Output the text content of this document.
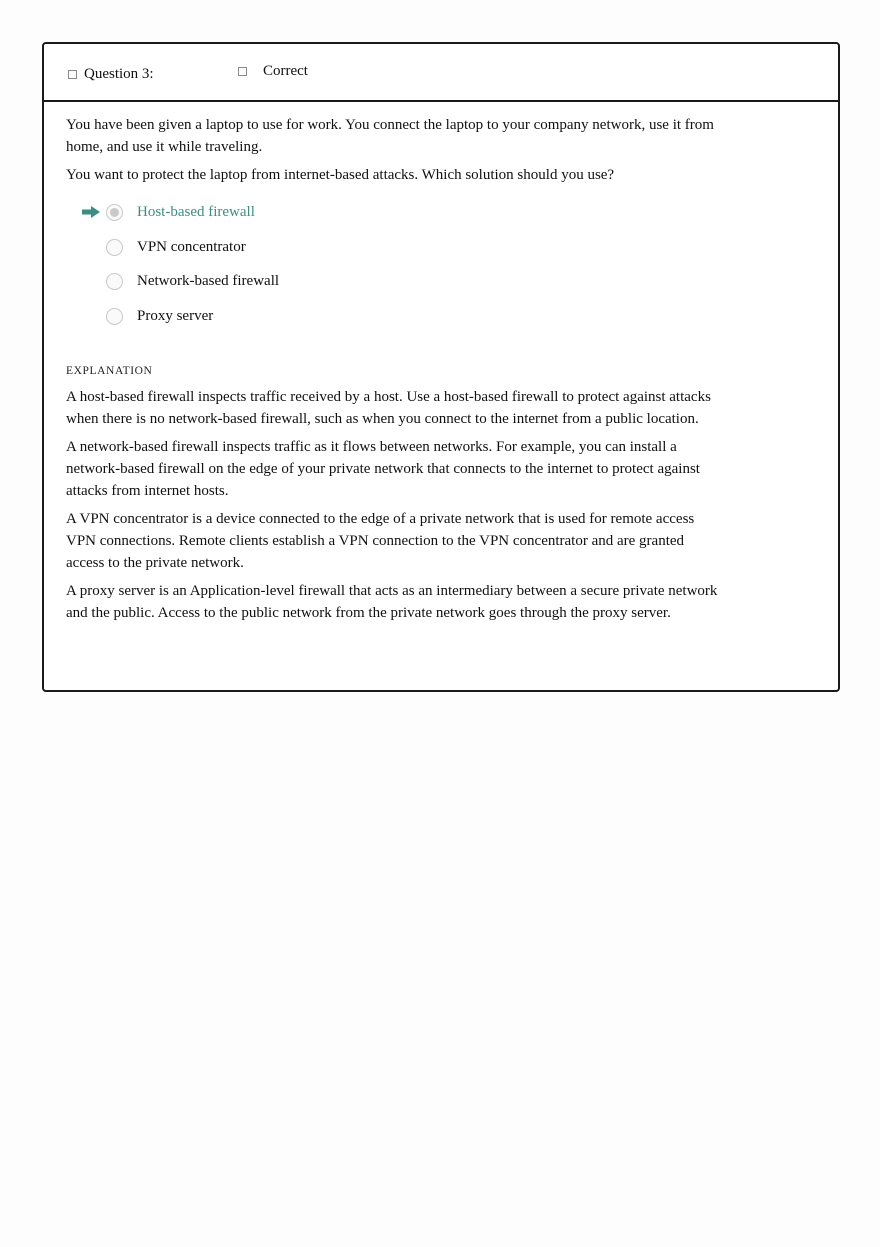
Question 3:	Correct

You have been given a laptop to use for work. You connect the laptop to your company network, use it from home, and use it while traveling.

You want to protect the laptop from internet-based attacks. Which solution should you use?

Host-based firewall
VPN concentrator
Network-based firewall
Proxy server
EXPLANATION

A host-based firewall inspects traffic received by a host. Use a host-based firewall to protect against attacks when there is no network-based firewall, such as when you connect to the internet from a public location.

A network-based firewall inspects traffic as it flows between networks. For example, you can install a network-based firewall on the edge of your private network that connects to the internet to protect against attacks from internet hosts.

A VPN concentrator is a device connected to the edge of a private network that is used for remote access VPN connections. Remote clients establish a VPN connection to the VPN concentrator and are granted access to the private network.

A proxy server is an Application-level firewall that acts as an intermediary between a secure private network and the public. Access to the public network from the private network goes through the proxy server.
